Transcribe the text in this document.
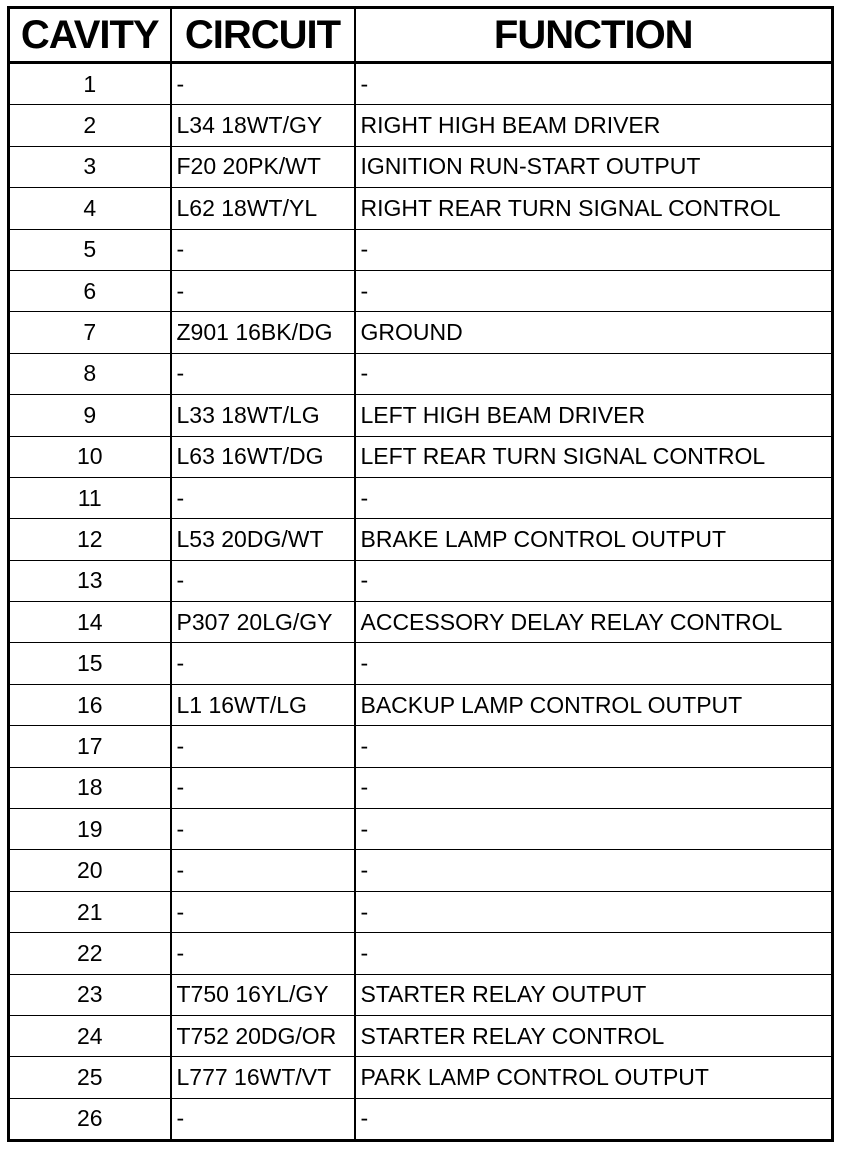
CAVITY	CIRCUIT	FUNCTION
1	-	-
2	L34 18WT/GY	RIGHT HIGH BEAM DRIVER
3	F20 20PK/WT	IGNITION RUN-START OUTPUT
4	L62 18WT/YL	RIGHT REAR TURN SIGNAL CONTROL
5	-	-
6	-	-
7	Z901 16BK/DG	GROUND
8	-	-
9	L33 18WT/LG	LEFT HIGH BEAM DRIVER
10	L63 16WT/DG	LEFT REAR TURN SIGNAL CONTROL
11	-	-
12	L53 20DG/WT	BRAKE LAMP CONTROL OUTPUT
13	-	-
14	P307 20LG/GY	ACCESSORY DELAY RELAY CONTROL
15	-	-
16	L1 16WT/LG	BACKUP LAMP CONTROL OUTPUT
17	-	-
18	-	-
19	-	-
20	-	-
21	-	-
22	-	-
23	T750 16YL/GY	STARTER RELAY OUTPUT
24	T752 20DG/OR	STARTER RELAY CONTROL
25	L777 16WT/VT	PARK LAMP CONTROL OUTPUT
26	-	-
